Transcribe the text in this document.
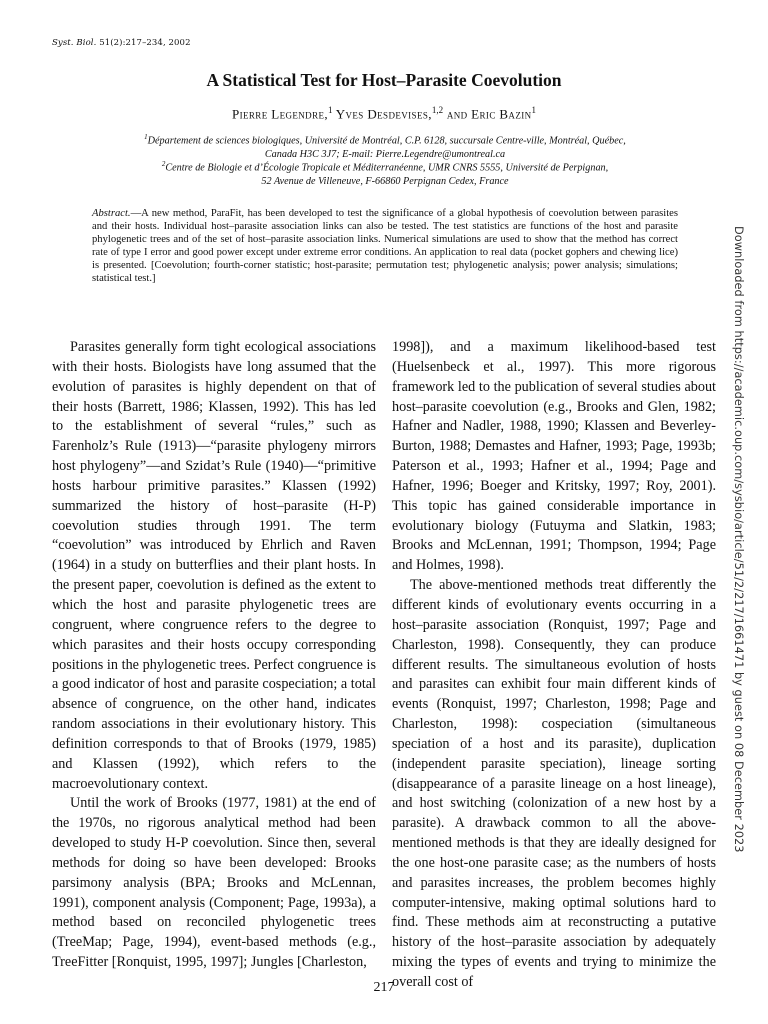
Syst. Biol. 51(2):217–234, 2002
A Statistical Test for Host–Parasite Coevolution
Pierre Legendre,$^1$ Yves Desdevises,$^{1,2}$ and Eric Bazin$^1$
$^1$Département de sciences biologiques, Université de Montréal, C.P. 6128, succursale Centre-ville, Montréal, Québec,
Canada H3C 3J7; E-mail: Pierre.Legendre@umontreal.ca
$^2$Centre de Biologie et d’Écologie Tropicale et Méditerranéenne, UMR CNRS 5555, Université de Perpignan,
52 Avenue de Villeneuve, F-66860 Perpignan Cedex, France
Abstract.—A new method, ParaFit, has been developed to test the significance of a global hypothesis of coevolution between parasites and their hosts. Individual host–parasite association links can also be tested. The test statistics are functions of the host and parasite phylogenetic trees and of the set of host–parasite association links. Numerical simulations are used to show that the method has correct rate of type I error and good power except under extreme error conditions. An application to real data (pocket gophers and chewing lice) is presented. [Coevolution; fourth-corner statistic; host-parasite; permutation test; phylogenetic analysis; power analysis; simulations; statistical test.]

Parasites generally form tight ecological associations with their hosts. Biologists have long assumed that the evolution of parasites is highly dependent on that of their hosts (Barrett, 1986; Klassen, 1992). This has led to the establishment of several “rules,” such as Farenholz’s Rule (1913)—“parasite phylogeny mirrors host phylogeny”—and Szidat’s Rule (1940)—“primitive hosts harbour primitive parasites.” Klassen (1992) summarized the history of host–parasite (H-P) coevolution studies through 1991. The term “coevolution” was introduced by Ehrlich and Raven (1964) in a study on butterflies and their plant hosts. In the present paper, coevolution is defined as the extent to which the host and parasite phylogenetic trees are congruent, where congruence refers to the degree to which parasites and their hosts occupy corresponding positions in the phylogenetic trees. Perfect congruence is a good indicator of host and parasite cospeciation; a total absence of congruence, on the other hand, indicates random associations in their evolutionary history. This definition corresponds to that of Brooks (1979, 1985) and Klassen (1992), which refers to the macroevolutionary context.

Until the work of Brooks (1977, 1981) at the end of the 1970s, no rigorous analytical method had been developed to study H-P coevolution. Since then, several methods for doing so have been developed: Brooks parsimony analysis (BPA; Brooks and McLennan, 1991), component analysis (Component; Page, 1993a), a method based on reconciled phylogenetic trees (TreeMap; Page, 1994), event-based methods (e.g., TreeFitter [Ronquist, 1995, 1997]; Jungles [Charleston,

1998]), and a maximum likelihood-based test (Huelsenbeck et al., 1997). This more rigorous framework led to the publication of several studies about host–parasite coevolution (e.g., Brooks and Glen, 1982; Hafner and Nadler, 1988, 1990; Klassen and Beverley-Burton, 1988; Demastes and Hafner, 1993; Page, 1993b; Paterson et al., 1993; Hafner et al., 1994; Page and Hafner, 1996; Boeger and Kritsky, 1997; Roy, 2001). This topic has gained considerable importance in evolutionary biology (Futuyma and Slatkin, 1983; Brooks and McLennan, 1991; Thompson, 1994; Page and Holmes, 1998).

The above-mentioned methods treat differently the different kinds of evolutionary events occurring in a host–parasite association (Ronquist, 1997; Page and Charleston, 1998). Consequently, they can produce different results. The simultaneous evolution of hosts and parasites can exhibit four main different kinds of events (Ronquist, 1997; Charleston, 1998; Page and Charleston, 1998): cospeciation (simultaneous speciation of a host and its parasite), duplication (independent parasite speciation), lineage sorting (disappearance of a parasite lineage on a host lineage), and host switching (colonization of a new host by a parasite). A drawback common to all the above-mentioned methods is that they are ideally designed for the one host-one parasite case; as the numbers of hosts and parasites increases, the problem becomes highly computer-intensive, making optimal solutions hard to find. These methods aim at reconstructing a putative history of the host–parasite association by adequately mixing the types of events and trying to minimize the overall cost of

217
Downloaded from https://academic.oup.com/sysbio/article/51/2/217/1661471 by guest on 08 December 2023
